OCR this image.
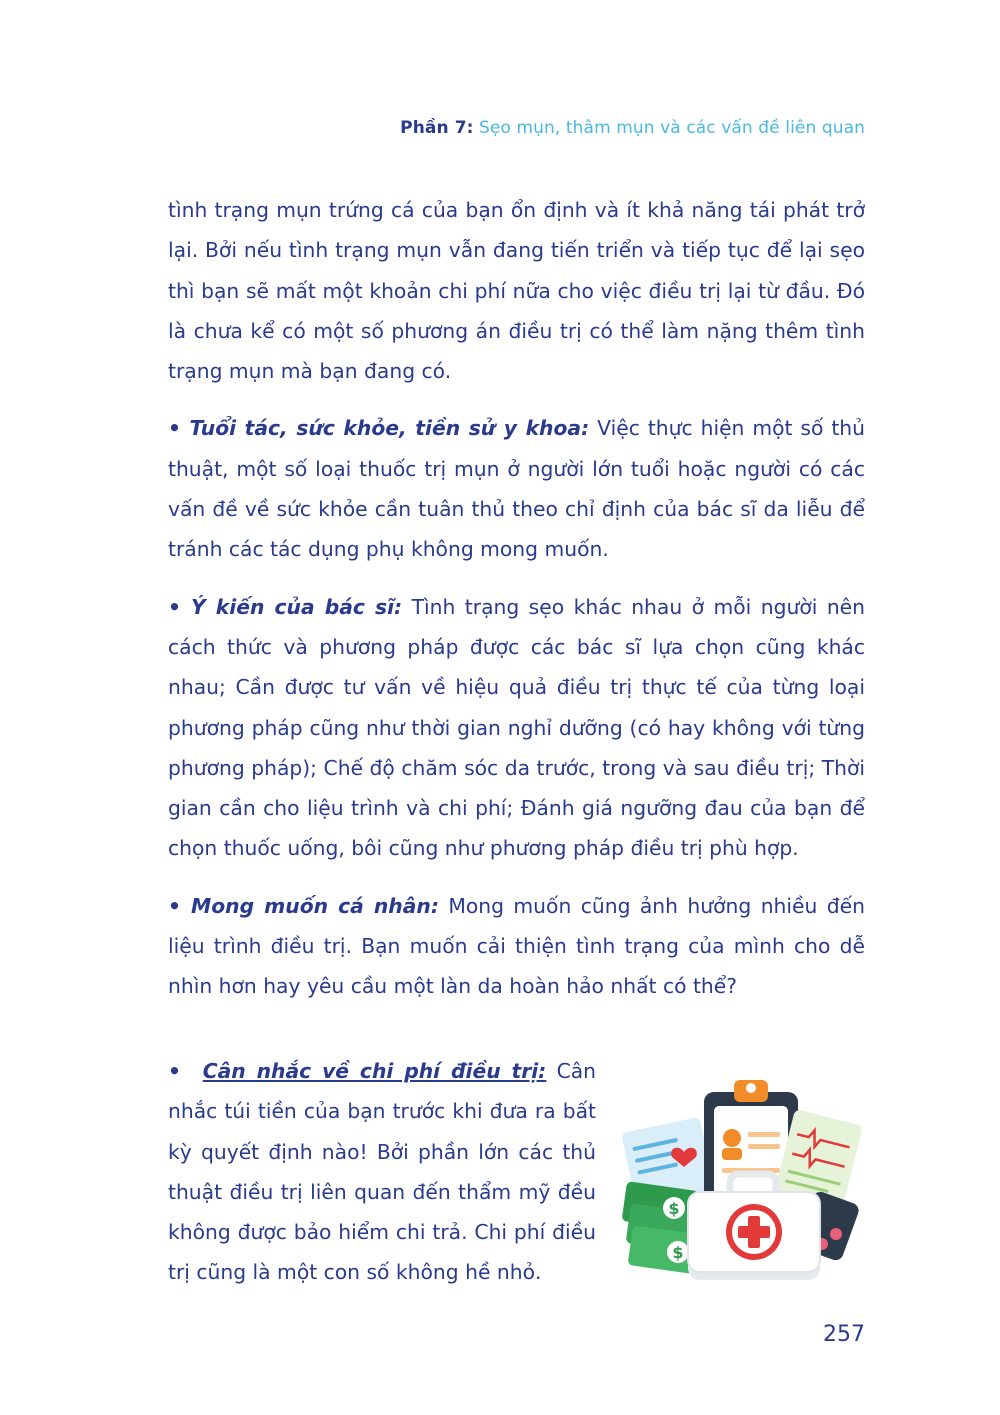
Phần 7: Sẹo mụn, thâm mụn và các vấn đề liên quan

tình trạng mụn trứng cá của bạn ổn định và ít khả năng tái phát trở lại. Bởi nếu tình trạng mụn vẫn đang tiến triển và tiếp tục để lại sẹo thì bạn sẽ mất một khoản chi phí nữa cho việc điều trị lại từ đầu. Đó là chưa kể có một số phương án điều trị có thể làm nặng thêm tình trạng mụn mà bạn đang có.

• Tuổi tác, sức khỏe, tiền sử y khoa: Việc thực hiện một số thủ thuật, một số loại thuốc trị mụn ở người lớn tuổi hoặc người có các vấn đề về sức khỏe cần tuân thủ theo chỉ định của bác sĩ da liễu để tránh các tác dụng phụ không mong muốn.

• Ý kiến của bác sĩ: Tình trạng sẹo khác nhau ở mỗi người nên cách thức và phương pháp được các bác sĩ lựa chọn cũng khác nhau; Cần được tư vấn về hiệu quả điều trị thực tế của từng loại phương pháp cũng như thời gian nghỉ dưỡng (có hay không với từng phương pháp); Chế độ chăm sóc da trước, trong và sau điều trị; Thời gian cần cho liệu trình và chi phí; Đánh giá ngưỡng đau của bạn để chọn thuốc uống, bôi cũng như phương pháp điều trị phù hợp.

• Mong muốn cá nhân: Mong muốn cũng ảnh hưởng nhiều đến liệu trình điều trị. Bạn muốn cải thiện tình trạng của mình cho dễ nhìn hơn hay yêu cầu một làn da hoàn hảo nhất có thể?

• Cân nhắc về chi phí điều trị: Cân nhắc túi tiền của bạn trước khi đưa ra bất kỳ quyết định nào! Bởi phần lớn các thủ thuật điều trị liên quan đến thẩm mỹ đều không được bảo hiểm chi trả. Chi phí điều trị cũng là một con số không hề nhỏ.

$
$
257
